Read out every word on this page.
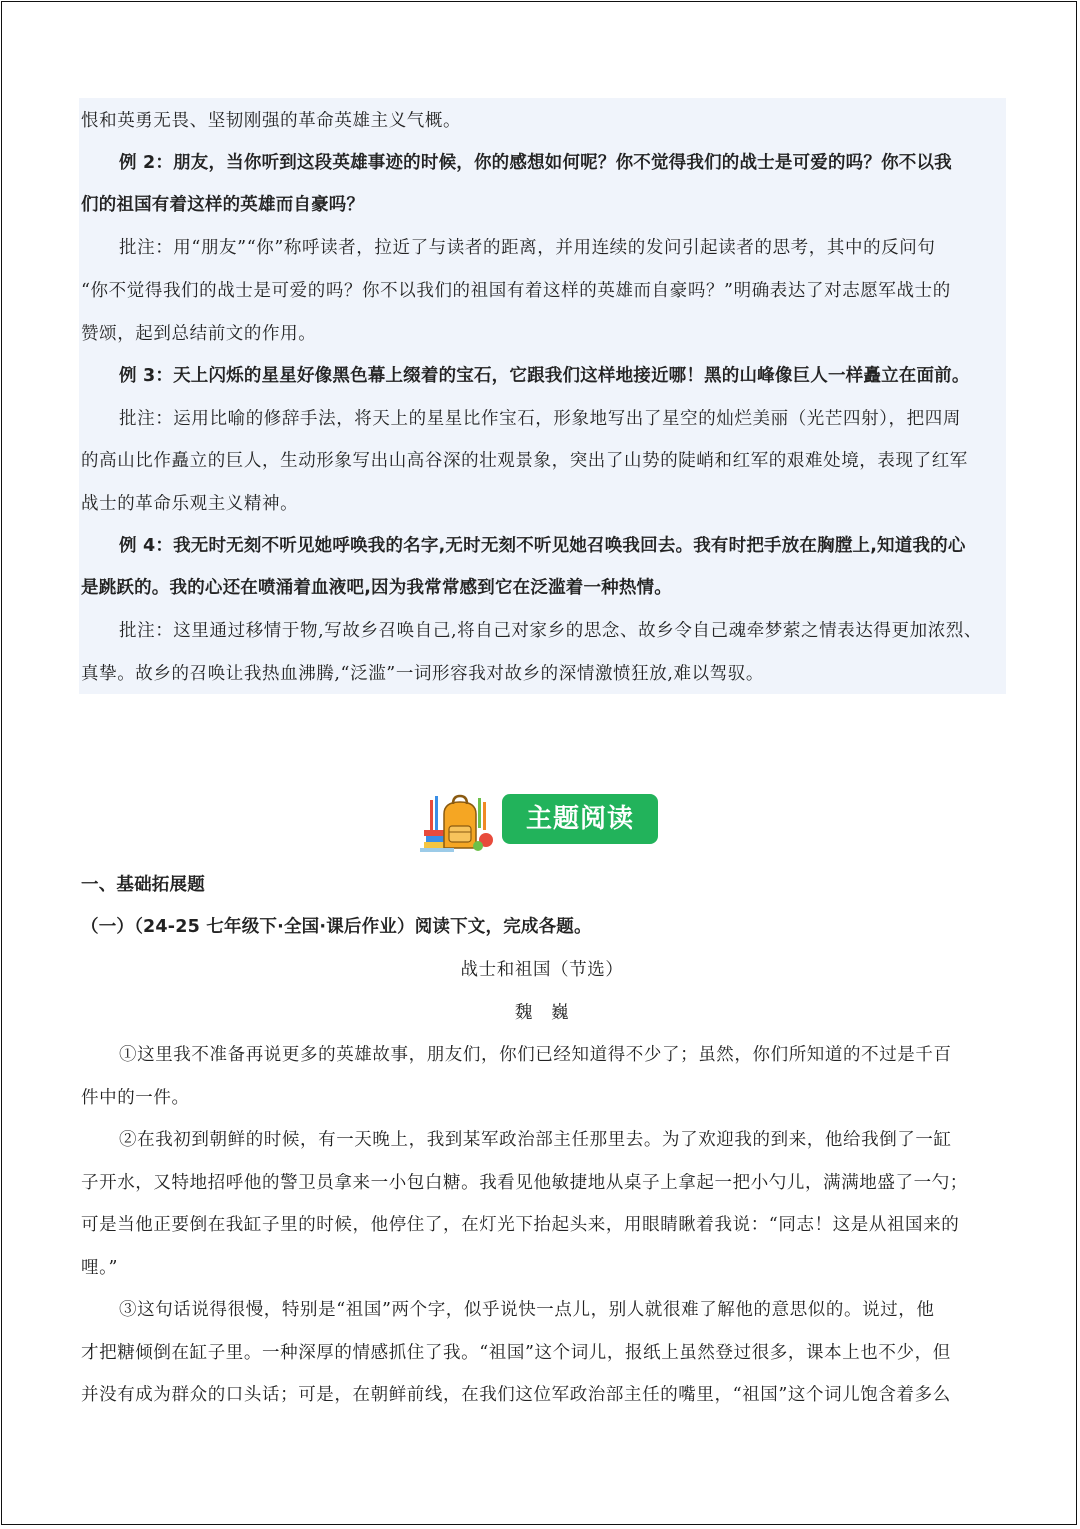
恨和英勇无畏、坚韧刚强的革命英雄主义气概。
例 2：朋友，当你听到这段英雄事迹的时候，你的感想如何呢？你不觉得我们的战士是可爱的吗？你不以我
们的祖国有着这样的英雄而自豪吗？
批注：用“朋友”“你”称呼读者，拉近了与读者的距离，并用连续的发问引起读者的思考，其中的反问句
“你不觉得我们的战士是可爱的吗？你不以我们的祖国有着这样的英雄而自豪吗？”明确表达了对志愿军战士的
赞颂，起到总结前文的作用。
例 3：天上闪烁的星星好像黑色幕上缀着的宝石，它跟我们这样地接近哪！黑的山峰像巨人一样矗立在面前。
批注：运用比喻的修辞手法，将天上的星星比作宝石，形象地写出了星空的灿烂美丽（光芒四射），把四周
的高山比作矗立的巨人，生动形象写出山高谷深的壮观景象，突出了山势的陡峭和红军的艰难处境，表现了红军
战士的革命乐观主义精神。
例 4：我无时无刻不听见她呼唤我的名字,无时无刻不听见她召唤我回去。我有时把手放在胸膛上,知道我的心
是跳跃的。我的心还在喷涌着血液吧,因为我常常感到它在泛滥着一种热情。
批注：这里通过移情于物,写故乡召唤自己,将自己对家乡的思念、故乡令自己魂牵梦萦之情表达得更加浓烈、
真挚。故乡的召唤让我热血沸腾,“泛滥”一词形容我对故乡的深情激愤狂放,难以驾驭。
主题阅读
一、基础拓展题
（一）（24-25 七年级下·全国·课后作业）阅读下文，完成各题。
战士和祖国（节选）
魏　巍
①这里我不准备再说更多的英雄故事，朋友们，你们已经知道得不少了；虽然，你们所知道的不过是千百
件中的一件。
②在我初到朝鲜的时候，有一天晚上，我到某军政治部主任那里去。为了欢迎我的到来，他给我倒了一缸
子开水，又特地招呼他的警卫员拿来一小包白糖。我看见他敏捷地从桌子上拿起一把小勺儿，满满地盛了一勺；
可是当他正要倒在我缸子里的时候，他停住了，在灯光下抬起头来，用眼睛瞅着我说：“同志！这是从祖国来的
哩。”
③这句话说得很慢，特别是“祖国”两个字，似乎说快一点儿，别人就很难了解他的意思似的。说过，他
才把糖倾倒在缸子里。一种深厚的情感抓住了我。“祖国”这个词儿，报纸上虽然登过很多，课本上也不少，但
并没有成为群众的口头话；可是，在朝鲜前线，在我们这位军政治部主任的嘴里，“祖国”这个词儿饱含着多么
